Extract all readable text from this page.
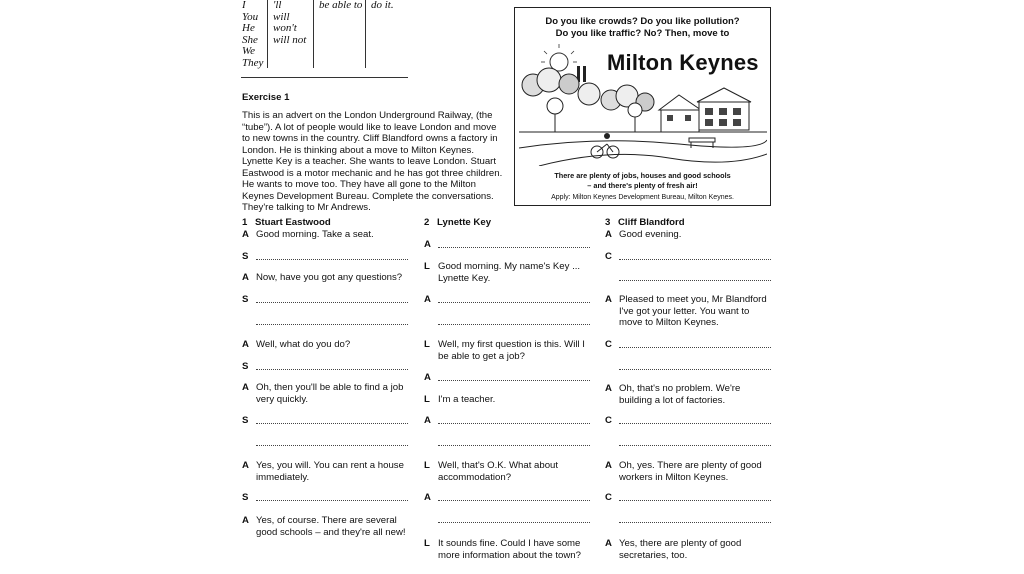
I
You
He
She
We
They
'll
will
won't
will not
be able to do it.
Exercise 1
This is an advert on the London Underground Railway, (the
“tube”). A lot of people would like to leave London and move
to new towns in the country. Cliff Blandford owns a factory in
London. He is thinking about a move to Milton Keynes.
Lynette Key is a teacher. She wants to leave London. Stuart
Eastwood is a motor mechanic and he has got three children.
He wants to move too. They have all gone to the Milton
Keynes Development Bureau. Complete the conversations.
They're talking to Mr Andrews.
Do you like crowds? Do you like pollution?
Do you like traffic? No? Then, move to
Milton Keynes
There are plenty of jobs, houses and good schools
– and there's plenty of fresh air!
Apply: Milton Keynes Development Bureau, Milton Keynes.
1 Stuart Eastwood
A Good morning. Take a seat.
S
A Now, have you got any questions?
S
A Well, what do you do?
S
A Oh, then you'll be able to find a job
very quickly.
S
A Yes, you will. You can rent a house
immediately.
S
A Yes, of course. There are several
good schools – and they're all new!
2 Lynette Key
A
L Good morning. My name's Key ...
Lynette Key.
A
L Well, my first question is this. Will I
be able to get a job?
A
L I'm a teacher.
A
L Well, that's O.K. What about
accommodation?
A
L It sounds fine. Could I have some
more information about the town?
3 Cliff Blandford
A Good evening.
C
A Pleased to meet you, Mr Blandford
I've got your letter. You want to
move to Milton Keynes.
C
A Oh, that's no problem. We're
building a lot of factories.
C
A Oh, yes. There are plenty of good
workers in Milton Keynes.
C
A Yes, there are plenty of good
secretaries, too.
